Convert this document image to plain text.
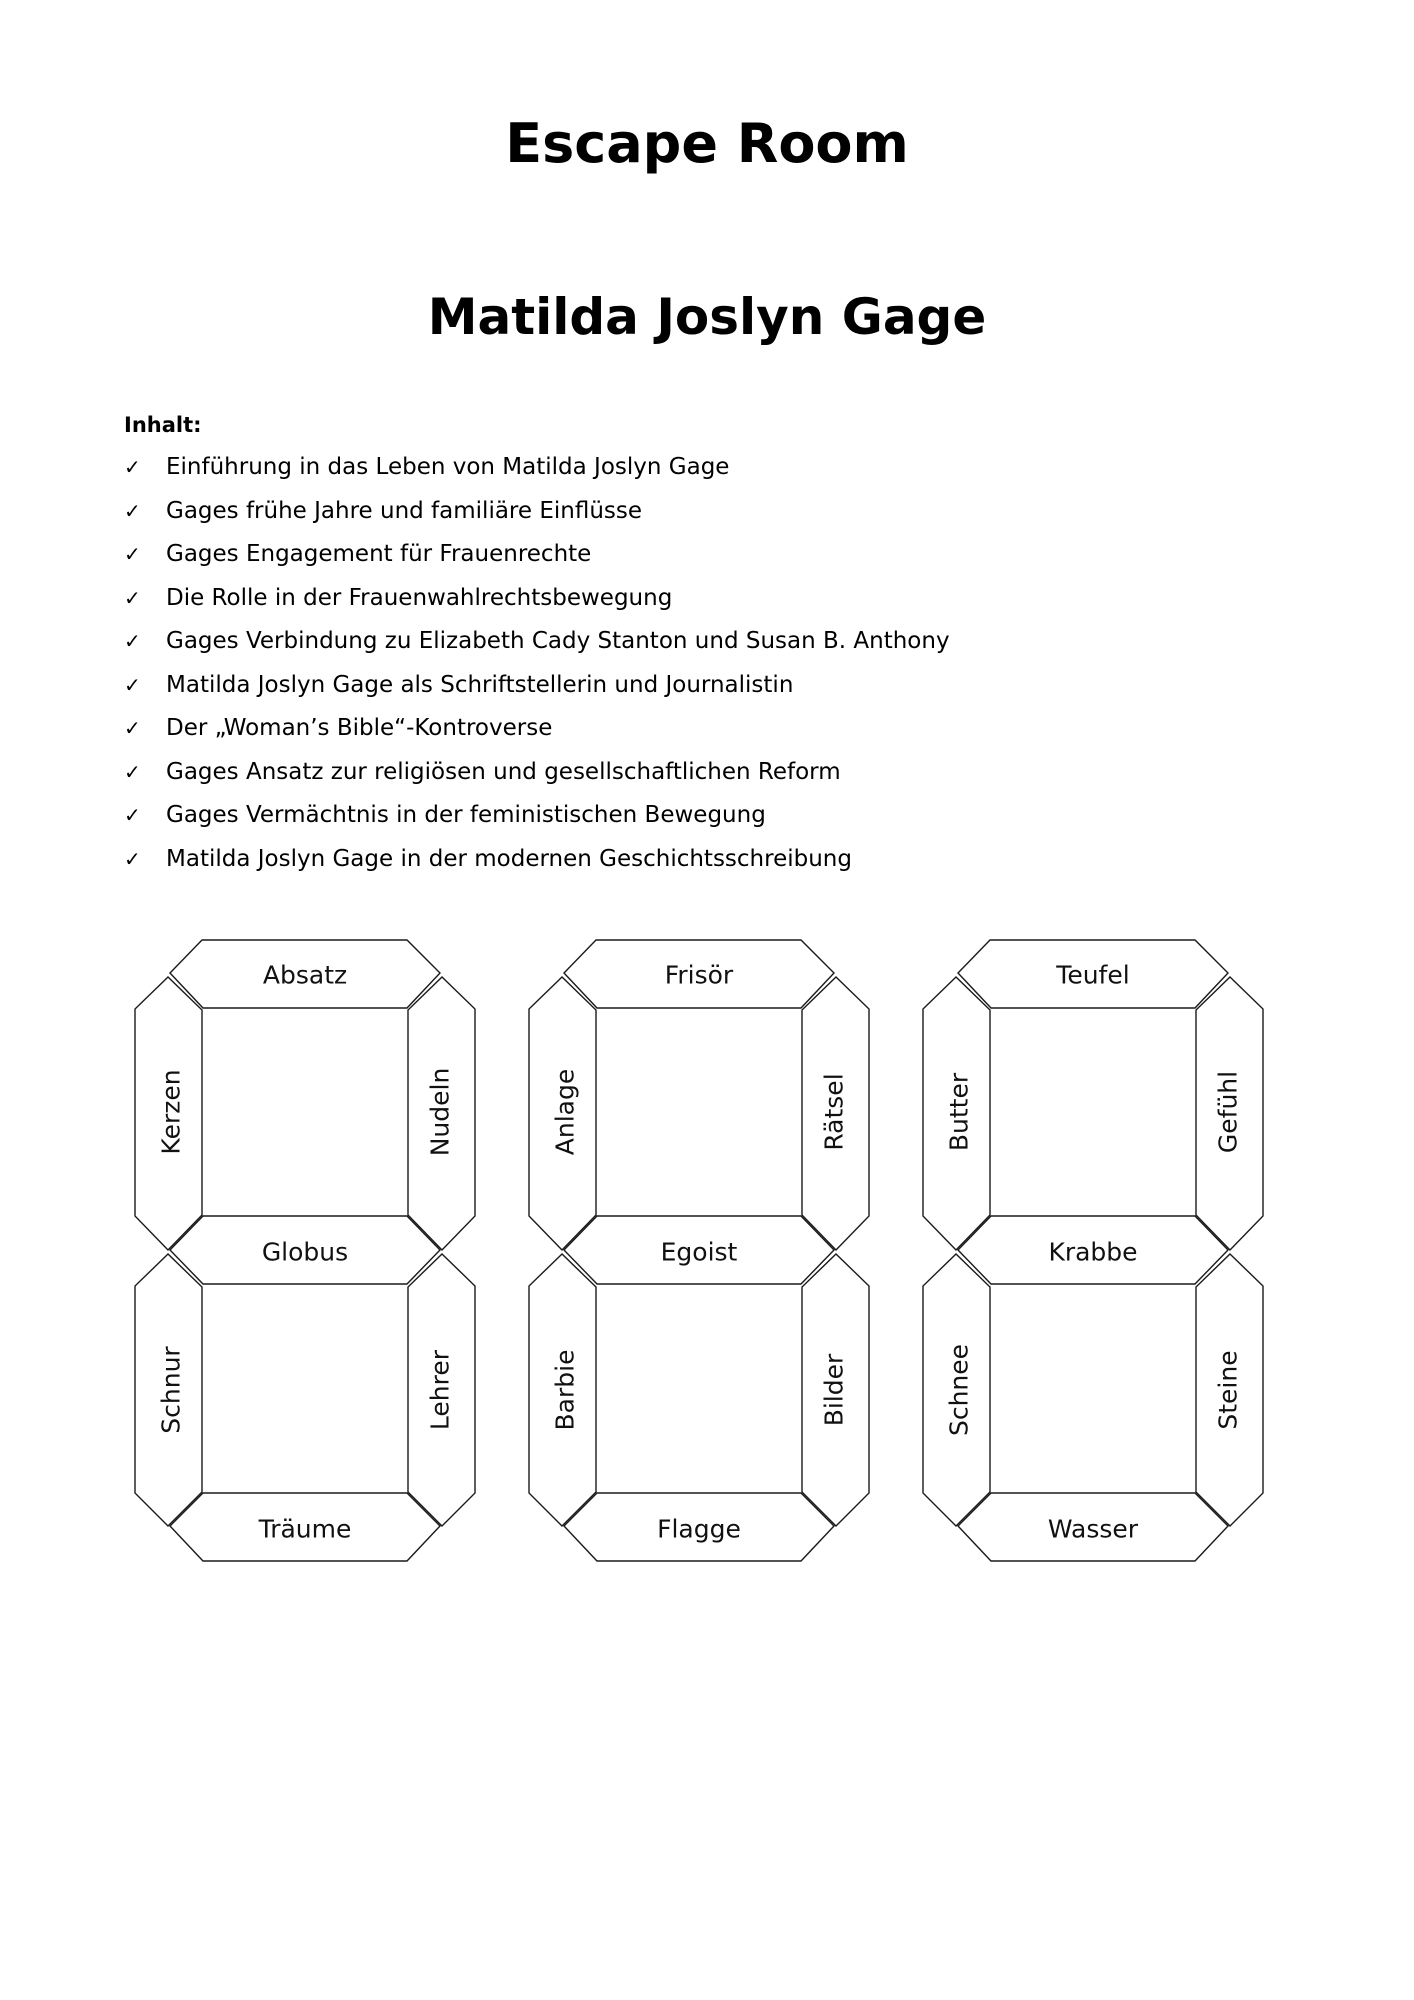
Escape Room
Matilda Joslyn Gage
Inhalt:
✓ Einführung in das Leben von Matilda Joslyn Gage
✓ Gages frühe Jahre und familiäre Einflüsse
✓ Gages Engagement für Frauenrechte
✓ Die Rolle in der Frauenwahlrechtsbewegung
✓ Gages Verbindung zu Elizabeth Cady Stanton und Susan B. Anthony
✓ Matilda Joslyn Gage als Schriftstellerin und Journalistin
✓ Der „Woman’s Bible“-Kontroverse
✓ Gages Ansatz zur religiösen und gesellschaftlichen Reform
✓ Gages Vermächtnis in der feministischen Bewegung
✓ Matilda Joslyn Gage in der modernen Geschichtsschreibung
Absatz
Kerzen	Nudeln
Globus
Schnur	Lehrer
Träume
Frisör
Anlage	Rätsel
Egoist
Barbie	Bilder
Flagge
Teufel
Butter	Gefühl
Krabbe
Schnee	Steine
Wasser
